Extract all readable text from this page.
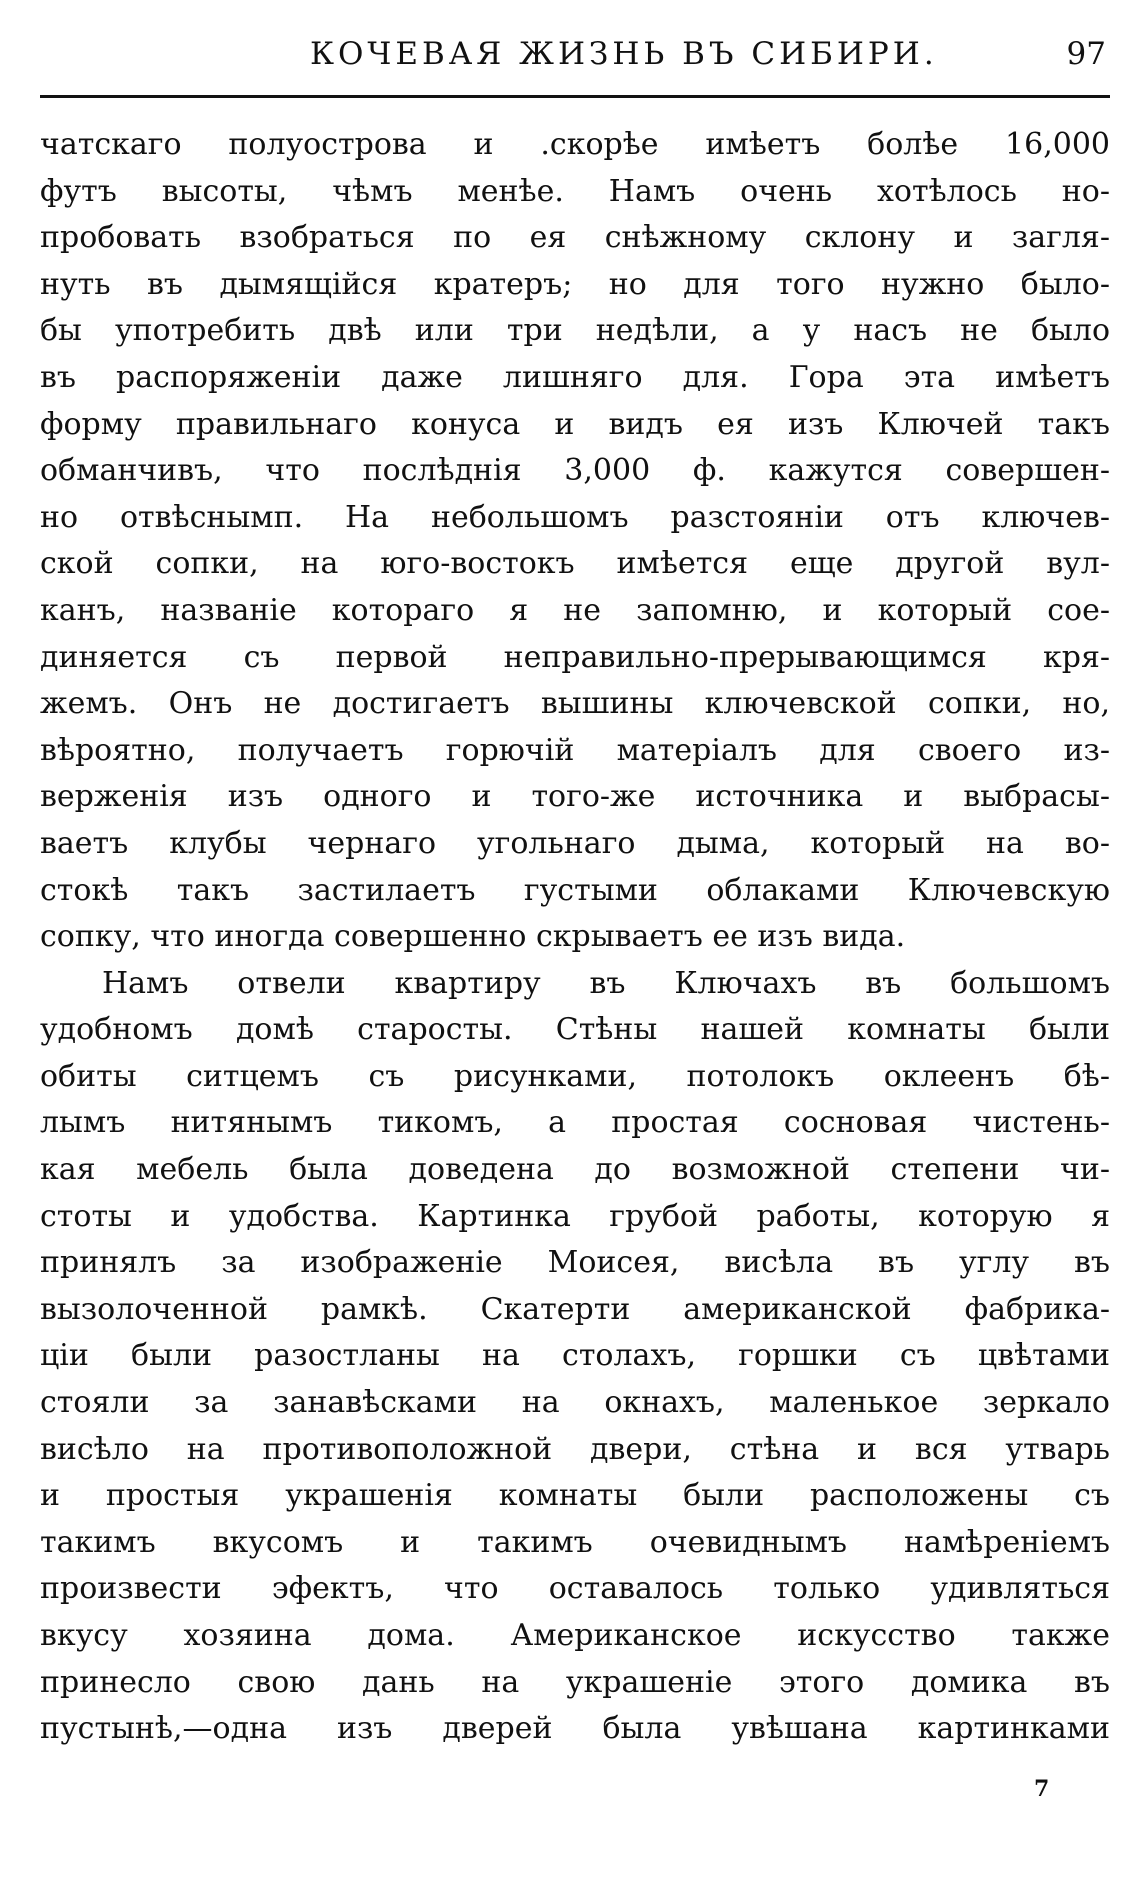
КОЧЕВАЯ ЖИЗНЬ ВЪ СИБИРИ.	97
чатскаго полуострова и .скорѣе имѣетъ болѣе 16,000
футъ высоты, чѣмъ менѣе. Намъ очень хотѣлось но-
пробовать взобраться по ея снѣжному склону и загля-
нуть въ дымящiйся кратеръ; но для того нужно было-
бы употребить двѣ или три недѣли, а у насъ не было
въ распоряженiи даже лишняго для. Гора эта имѣетъ
форму правильнаго конуса и видъ ея изъ Ключей такъ
обманчивъ, что послѣднiя 3,000 ф. кажутся совершен-
но отвѣснымп. На небольшомъ разстоянiи отъ ключев-
ской сопки, на юго-востокъ имѣется еще другой вул-
канъ, названiе котораго я не запомню, и который сое-
диняется съ первой неправильно-прерывающимся кря-
жемъ. Онъ не достигаетъ вышины ключевской сопки, но,
вѣроятно, получаетъ горючiй матерiалъ для своего из-
верженiя изъ одного и того-же источника и выбрасы-
ваетъ клубы чернаго угольнаго дыма, который на во-
стокѣ такъ застилаетъ густыми облаками Ключевскую
сопку, что иногда совершенно скрываетъ ее изъ вида.
Намъ отвели квартиру въ Ключахъ въ большомъ
удобномъ домѣ старосты. Стѣны нашей комнаты были
обиты ситцемъ съ рисунками, потолокъ оклеенъ бѣ-
лымъ нитянымъ тикомъ, а простая сосновая чистень-
кая мебель была доведена до возможной степени чи-
стоты и удобства. Картинка грубой работы, которую я
принялъ за изображенiе Моисея, висѣла въ углу въ
вызолоченной рамкѣ. Скатерти американской фабрика-
цiи были разостланы на столахъ, горшки съ цвѣтами
стояли за занавѣсками на окнахъ, маленькое зеркало
висѣло на противоположной двери, стѣна и вся утварь
и простыя украшенiя комнаты были расположены съ
такимъ вкусомъ и такимъ очевиднымъ намѣренiемъ
произвести эфектъ, что оставалось только удивляться
вкусу хозяина дома. Американское искусство также
принесло свою дань на украшенiе этого домика въ
пустынѣ,—одна изъ дверей была увѣшана картинками
7
